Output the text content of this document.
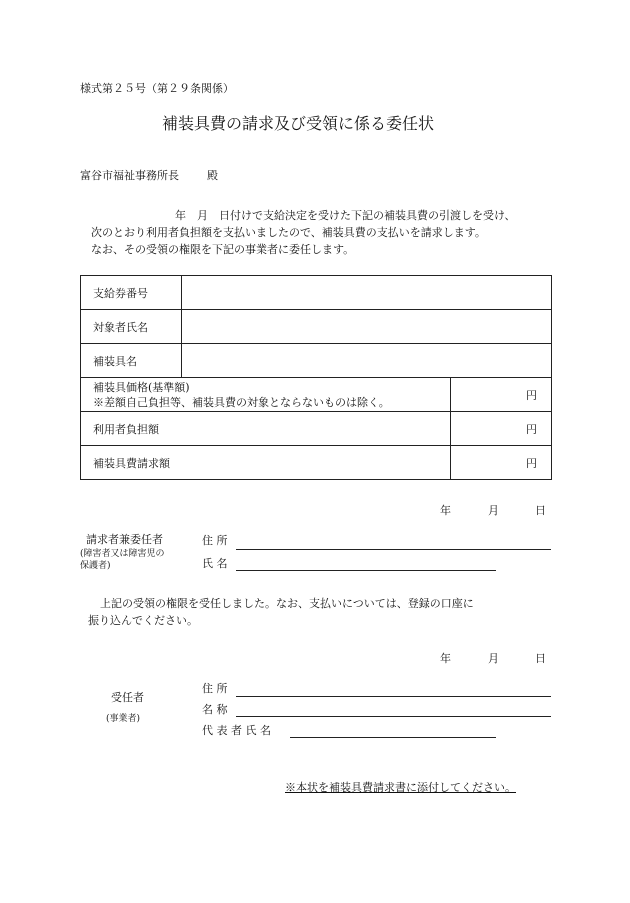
様式第２５号（第２９条関係）
補装具費の請求及び受領に係る委任状
富谷市福祉事務所長	殿
年　月　日付けで支給決定を受けた下記の補装具費の引渡しを受け、
次のとおり利用者負担額を支払いましたので、補装具費の支払いを請求します。
なお、その受領の権限を下記の事業者に委任します。
支給券番号		
対象者氏名		
補装具名		

補装具価格(基準額)
※差額自己負担等、補装具費の対象とならないものは除く。		円
利用者負担額		円
補装具費請求額		円
年	月	日
請求者兼委任者
(障害者又は障害児の
保護者)
住 所
氏 名
上記の受領の権限を受任しました。なお、支払いについては、登録の口座に
振り込んでください。
年	月	日
受任者
(事業者)
住 所
名 称
代 表 者 氏 名
※本状を補装具費請求書に添付してください。
